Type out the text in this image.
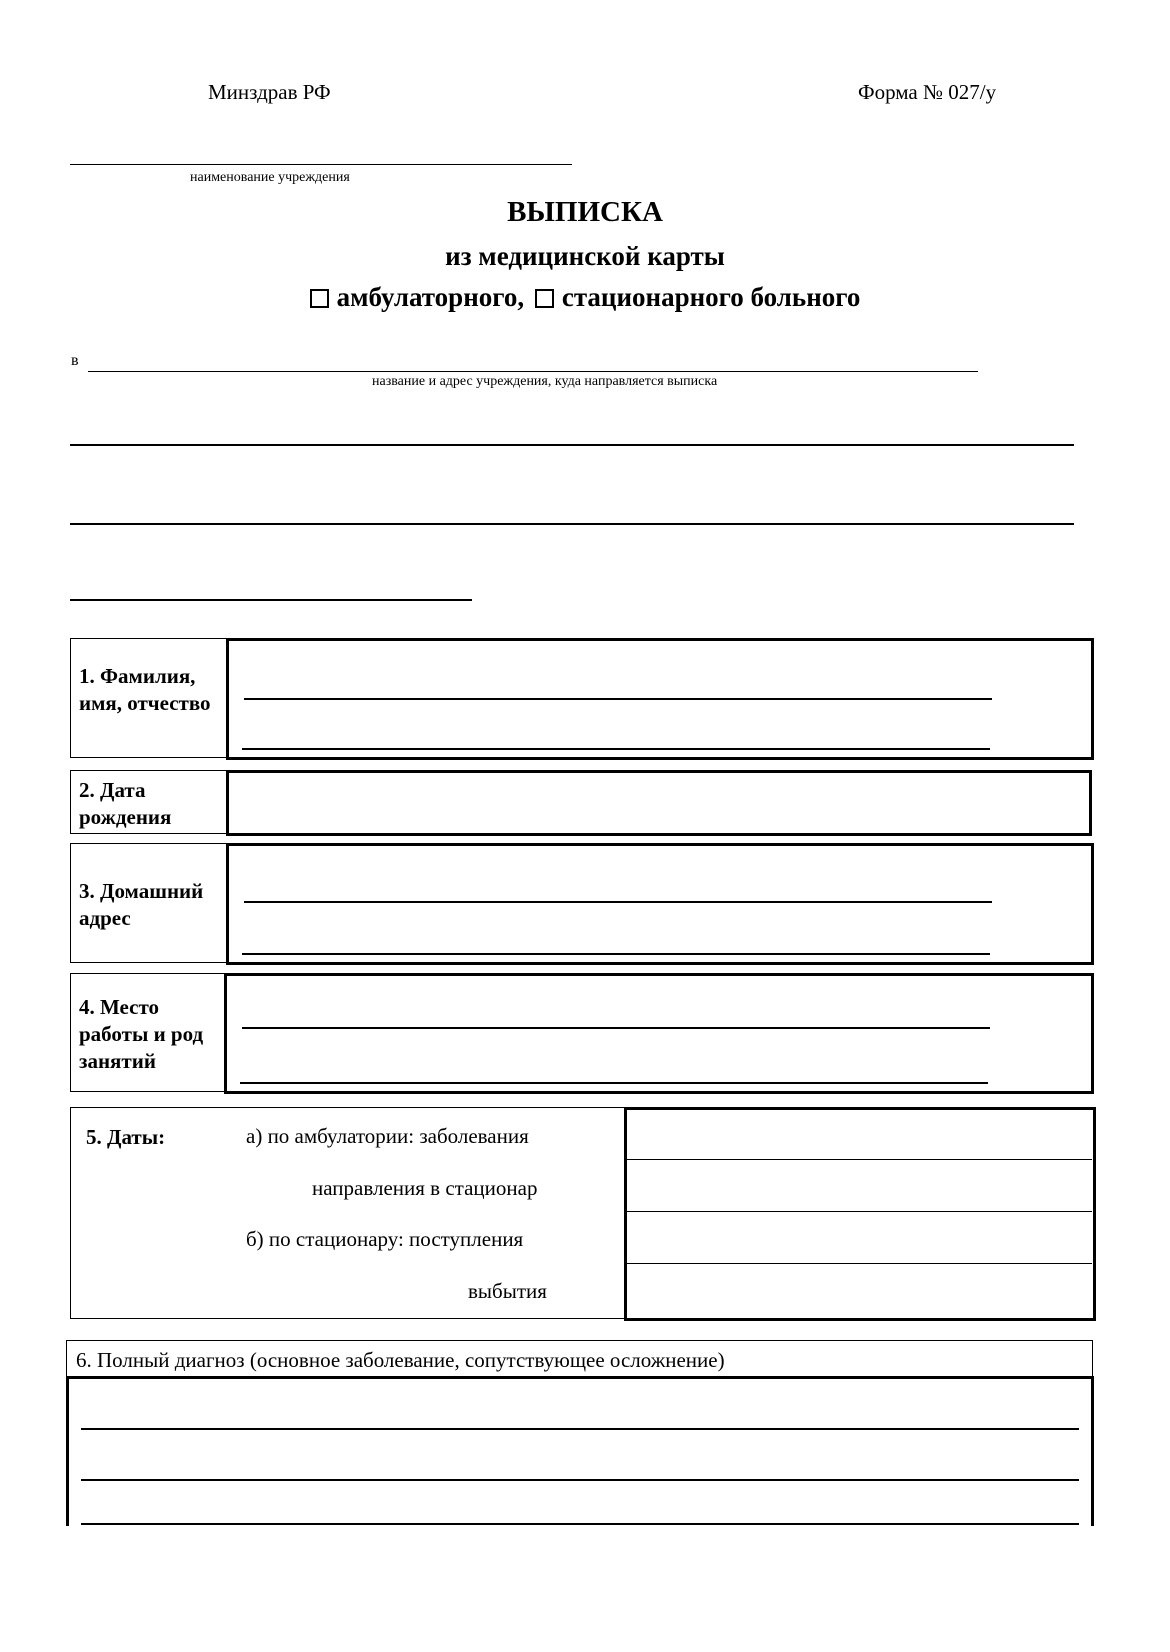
Минздрав РФ	Форма № 027/у
наименование учреждения
ВЫПИСКА
из медицинской карты
амбулаторного, стационарного больного
в
название и адрес учреждения, куда направляется выписка
1. Фамилия, имя, отчество
2. Дата рождения
3. Домашний адрес
4. Место работы и род занятий
5. Даты:	а) по амбулатории: заболевания
направления в стационар
б) по стационару: поступления
выбытия
6. Полный диагноз (основное заболевание, сопутствующее осложнение)
